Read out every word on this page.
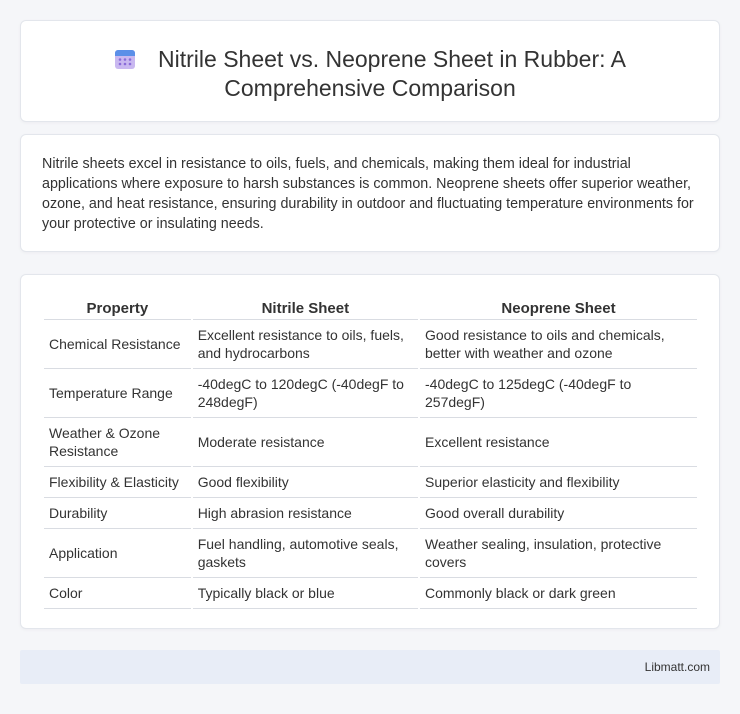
Nitrile Sheet vs. Neoprene Sheet in Rubber: A
Comprehensive Comparison

Nitrile sheets excel in resistance to oils, fuels, and chemicals, making them ideal for industrial applications where exposure to harsh substances is common. Neoprene sheets offer superior weather, ozone, and heat resistance, ensuring durability in outdoor and fluctuating temperature environments for your protective or insulating needs.

Property	Nitrile Sheet	Neoprene Sheet
Chemical Resistance	Excellent resistance to oils, fuels, and hydrocarbons	Good resistance to oils and chemicals, better with weather and ozone
Temperature Range	-40degC to 120degC (-40degF to 248degF)	-40degC to 125degC (-40degF to 257degF)
Weather & Ozone Resistance	Moderate resistance	Excellent resistance
Flexibility & Elasticity	Good flexibility	Superior elasticity and flexibility
Durability	High abrasion resistance	Good overall durability
Application	Fuel handling, automotive seals, gaskets	Weather sealing, insulation, protective covers
Color	Typically black or blue	Commonly black or dark green
Libmatt.com
